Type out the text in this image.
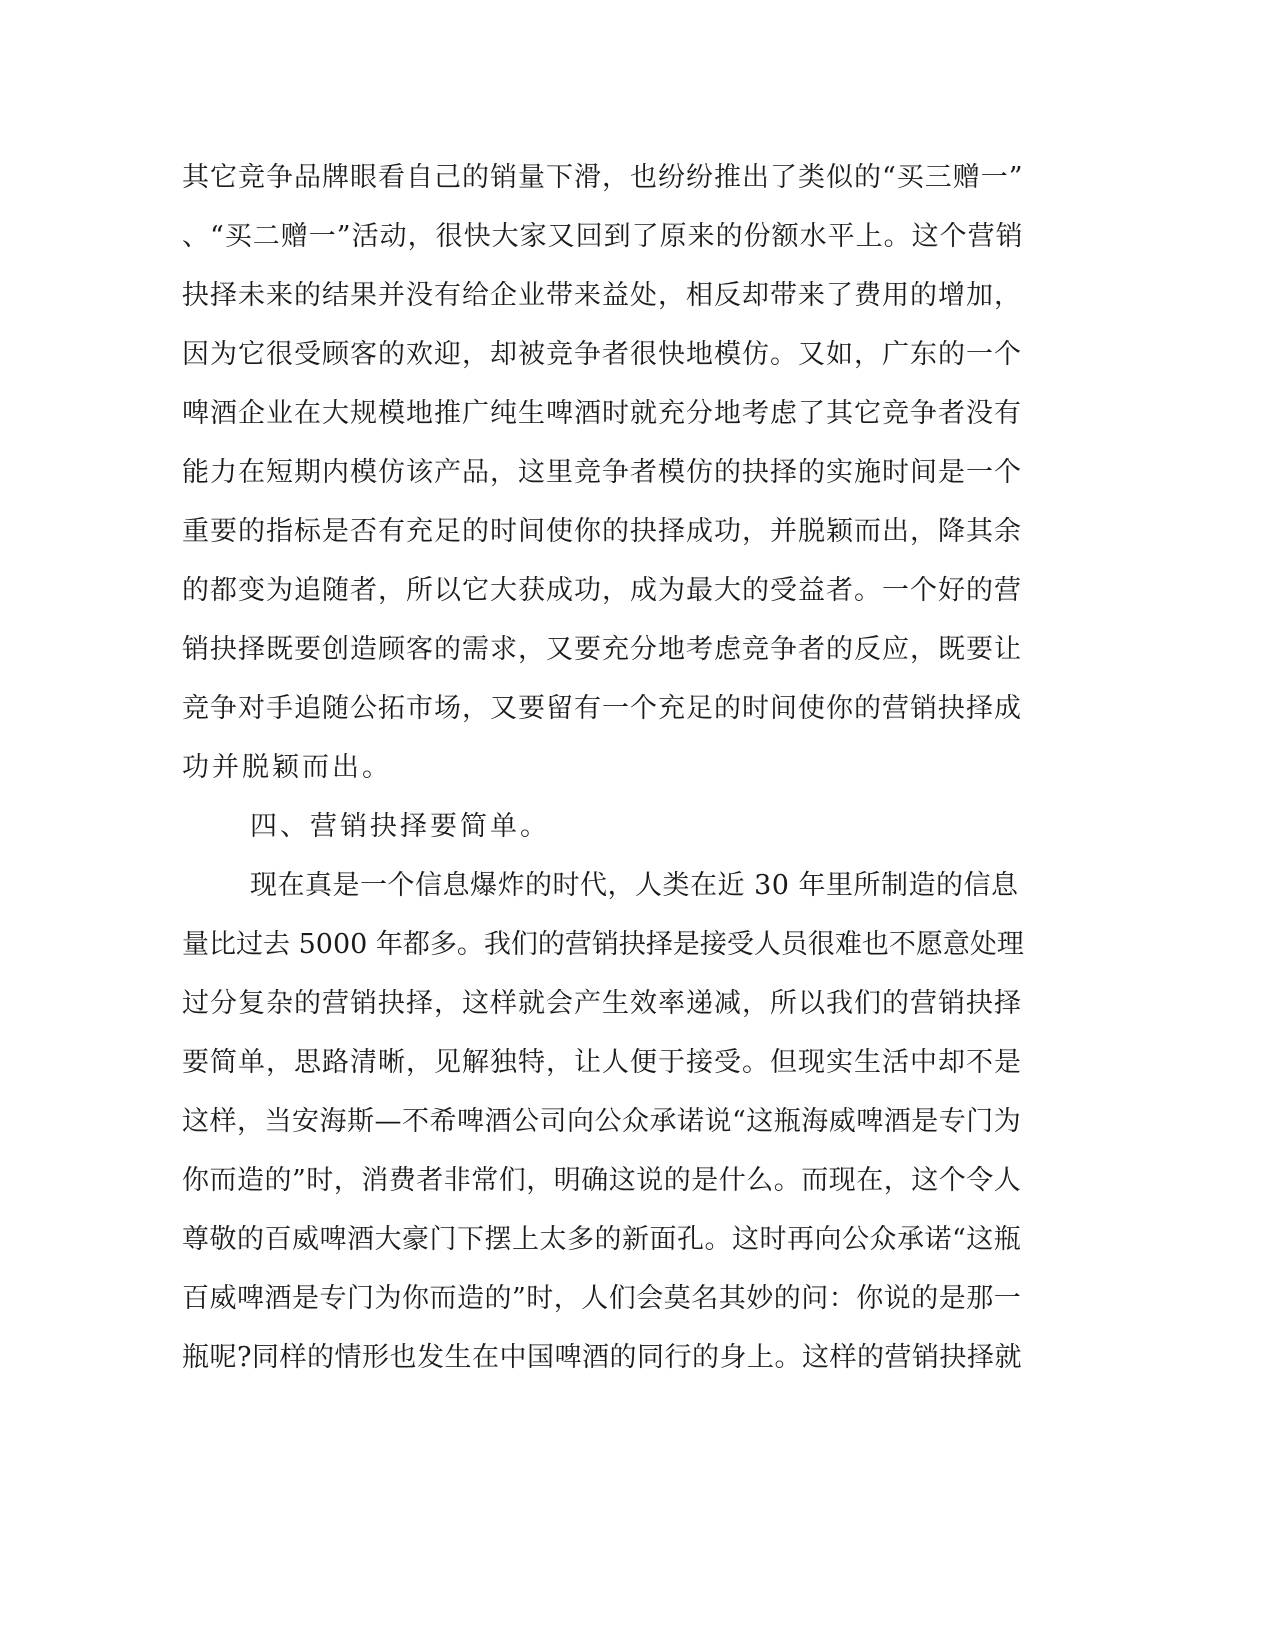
其它竞争品牌眼看自己的销量下滑，也纷纷推出了类似的“买三赠一”
、“买二赠一”活动，很快大家又回到了原来的份额水平上。这个营销
抉择未来的结果并没有给企业带来益处，相反却带来了费用的增加，
因为它很受顾客的欢迎，却被竞争者很快地模仿。又如，广东的一个
啤酒企业在大规模地推广纯生啤酒时就充分地考虑了其它竞争者没有
能力在短期内模仿该产品，这里竞争者模仿的抉择的实施时间是一个
重要的指标是否有充足的时间使你的抉择成功，并脱颖而出，降其余
的都变为追随者，所以它大获成功，成为最大的受益者。一个好的营
销抉择既要创造顾客的需求，又要充分地考虑竞争者的反应，既要让
竞争对手追随公拓市场，又要留有一个充足的时间使你的营销抉择成
功并脱颖而出。
四、营销抉择要简单。
现在真是一个信息爆炸的时代，人类在近 30 年里所制造的信息
量比过去 5000 年都多。我们的营销抉择是接受人员很难也不愿意处理
过分复杂的营销抉择，这样就会产生效率递减，所以我们的营销抉择
要简单，思路清晰，见解独特，让人便于接受。但现实生活中却不是
这样，当安海斯—不希啤酒公司向公众承诺说“这瓶海威啤酒是专门为
你而造的”时，消费者非常们，明确这说的是什么。而现在，这个令人
尊敬的百威啤酒大豪门下摆上太多的新面孔。这时再向公众承诺“这瓶
百威啤酒是专门为你而造的”时，人们会莫名其妙的问：你说的是那一
瓶呢?同样的情形也发生在中国啤酒的同行的身上。这样的营销抉择就
